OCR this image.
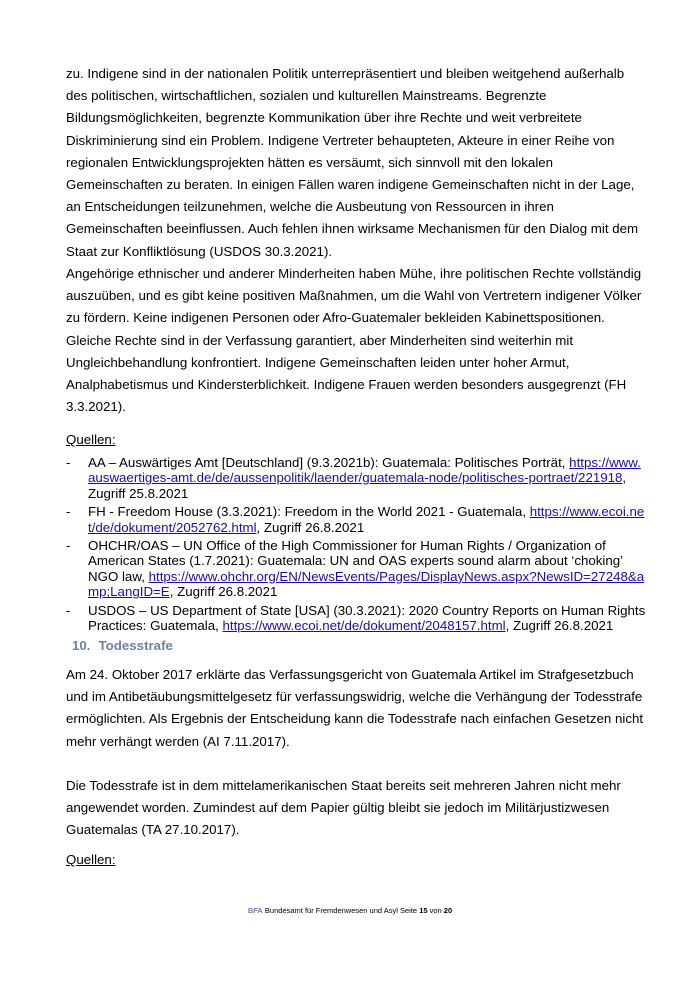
zu. Indigene sind in der nationalen Politik unterrepräsentiert und bleiben weitgehend außerhalb des politischen, wirtschaftlichen, sozialen und kulturellen Mainstreams. Begrenzte Bildungsmöglichkeiten, begrenzte Kommunikation über ihre Rechte und weit verbreitete Diskriminierung sind ein Problem. Indigene Vertreter behaupteten, Akteure in einer Reihe von regionalen Entwicklungsprojekten hätten es versäumt, sich sinnvoll mit den lokalen Gemeinschaften zu beraten. In einigen Fällen waren indigene Gemeinschaften nicht in der Lage, an Entscheidungen teilzunehmen, welche die Ausbeutung von Ressourcen in ihren Gemeinschaften beeinflussen. Auch fehlen ihnen wirksame Mechanismen für den Dialog mit dem Staat zur Konfliktlösung (USDOS 30.3.2021).

Angehörige ethnischer und anderer Minderheiten haben Mühe, ihre politischen Rechte vollständig auszuüben, und es gibt keine positiven Maßnahmen, um die Wahl von Vertretern indigener Völker zu fördern. Keine indigenen Personen oder Afro-Guatemaler bekleiden Kabinettspositionen. Gleiche Rechte sind in der Verfassung garantiert, aber Minderheiten sind weiterhin mit Ungleichbehandlung konfrontiert. Indigene Gemeinschaften leiden unter hoher Armut, Analphabetismus und Kindersterblichkeit. Indigene Frauen werden besonders ausgegrenzt (FH 3.3.2021).

Quellen:

-	AA – Auswärtiges Amt [Deutschland] (9.3.2021b): Guatemala: Politisches Porträt, https://www.auswaertiges-amt.de/de/aussenpolitik/laender/guatemala-node/politisches-portraet/221918, Zugriff 25.8.2021
-	FH - Freedom House (3.3.2021): Freedom in the World 2021 - Guatemala, https://www.ecoi.net/de/dokument/2052762.html, Zugriff 26.8.2021
-	OHCHR/OAS – UN Office of the High Commissioner for Human Rights / Organization of American States (1.7.2021): Guatemala: UN and OAS experts sound alarm about ‘choking’ NGO law, https://www.ohchr.org/EN/NewsEvents/Pages/DisplayNews.aspx?NewsID=27248&amp;LangID=E, Zugriff 26.8.2021
-	USDOS – US Department of State [USA] (30.3.2021): 2020 Country Reports on Human Rights Practices: Guatemala, https://www.ecoi.net/de/dokument/2048157.html, Zugriff 26.8.2021
10. Todesstrafe

Am 24. Oktober 2017 erklärte das Verfassungsgericht von Guatemala Artikel im Strafgesetzbuch und im Antibetäubungsmittelgesetz für verfassungswidrig, welche die Verhängung der Todesstrafe ermöglichten. Als Ergebnis der Entscheidung kann die Todesstrafe nach einfachen Gesetzen nicht mehr verhängt werden (AI 7.11.2017).

Die Todesstrafe ist in dem mittelamerikanischen Staat bereits seit mehreren Jahren nicht mehr angewendet worden. Zumindest auf dem Papier gültig bleibt sie jedoch im Militärjustizwesen Guatemalas (TA 27.10.2017).

Quellen:

BFA Bundesamt für Fremdenwesen und Asyl Seite 15 von 20
